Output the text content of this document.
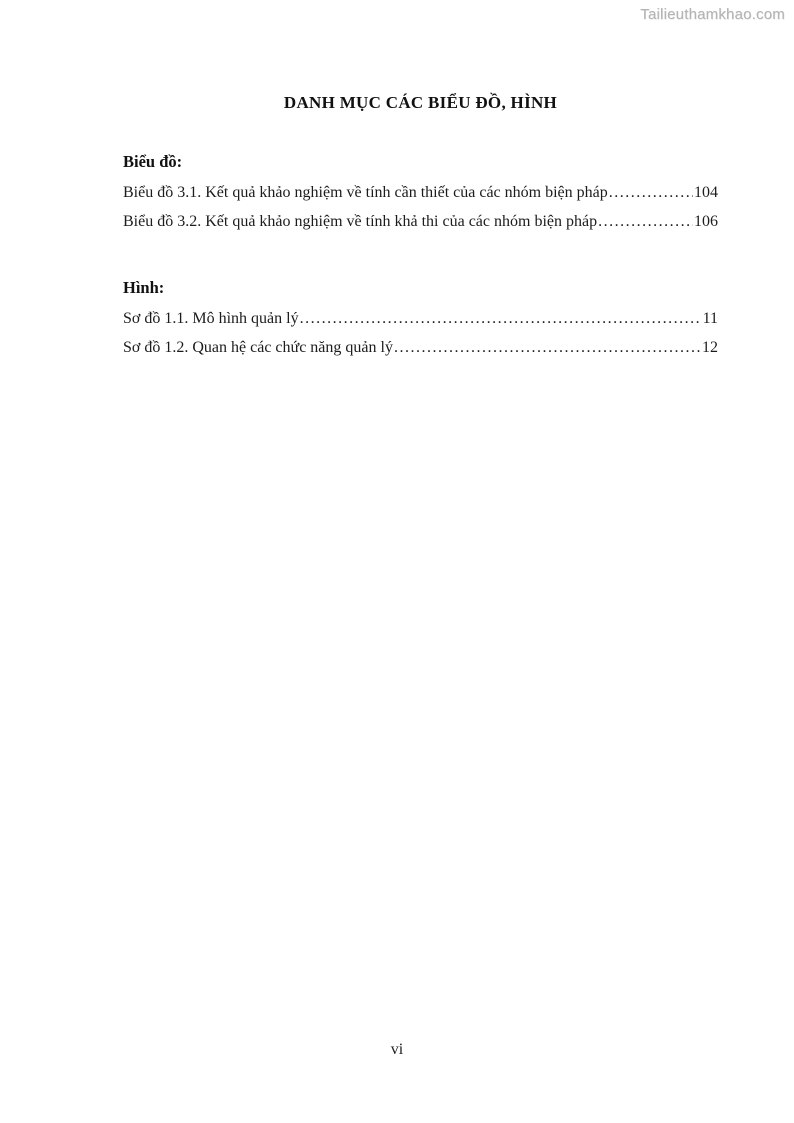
Tailieuthamkhao.com
DANH MỤC CÁC BIỂU ĐỒ, HÌNH
Biểu đồ:
Biểu đồ 3.1. Kết quả khảo nghiệm về tính cần thiết của các nhóm biện pháp .....	104
Biểu đồ 3.2. Kết quả khảo nghiệm về tính khả thi của các nhóm biện pháp .....	106
Hình:
Sơ đồ 1.1. Mô hình quản lý .....	11
Sơ đồ 1.2. Quan hệ các chức năng quản lý .....	12
vi
